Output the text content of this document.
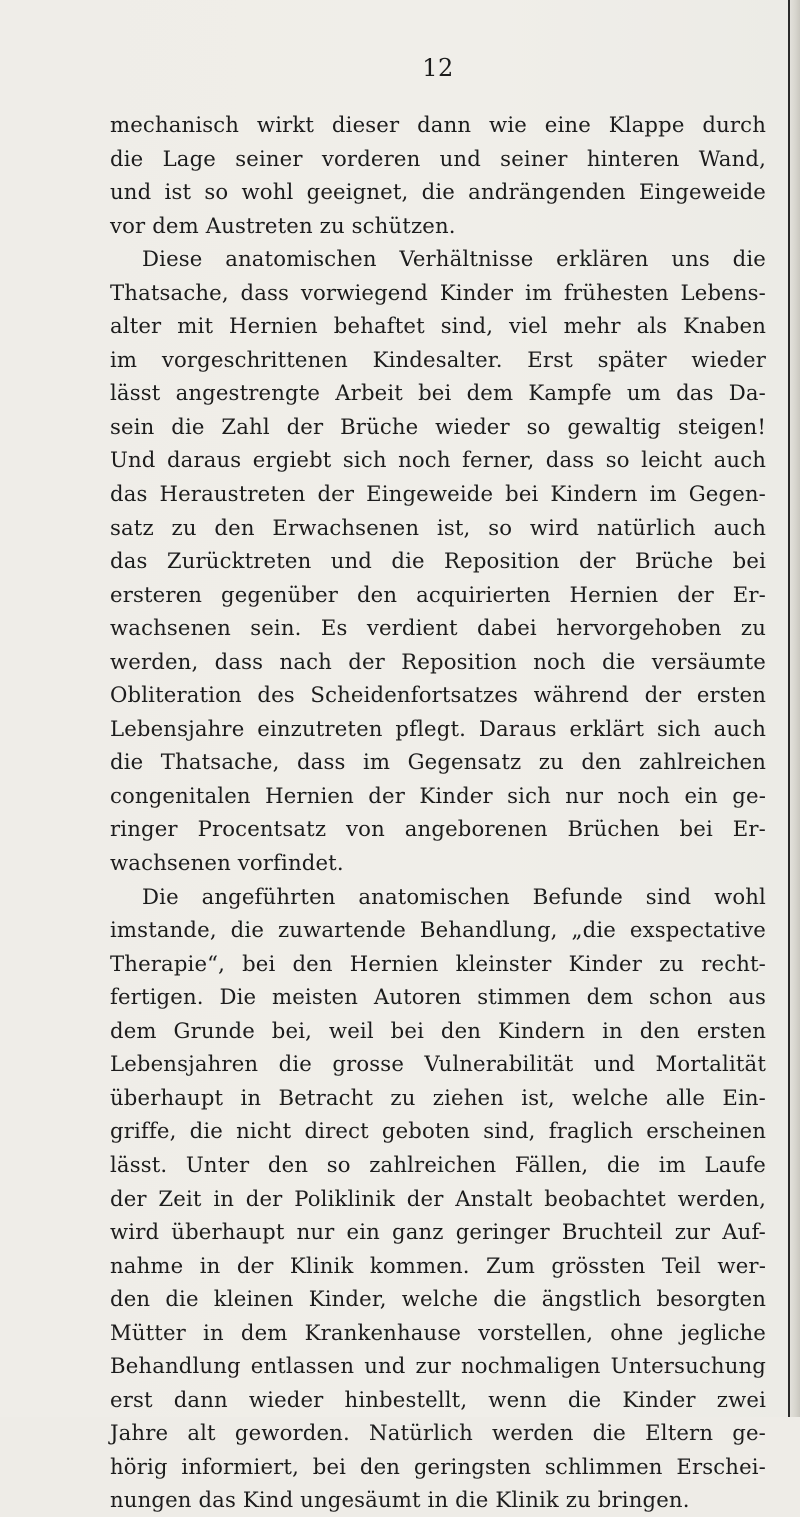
12
mechanisch wirkt dieser dann wie eine Klappe durch
die Lage seiner vorderen und seiner hinteren Wand,
und ist so wohl geeignet, die andrängenden Eingeweide
vor dem Austreten zu schützen.
Diese anatomischen Verhältnisse erklären uns die
Thatsache, dass vorwiegend Kinder im frühesten Lebens-
alter mit Hernien behaftet sind, viel mehr als Knaben
im vorgeschrittenen Kindesalter. Erst später wieder
lässt angestrengte Arbeit bei dem Kampfe um das Da-
sein die Zahl der Brüche wieder so gewaltig steigen!
Und daraus ergiebt sich noch ferner, dass so leicht auch
das Heraustreten der Eingeweide bei Kindern im Gegen-
satz zu den Erwachsenen ist, so wird natürlich auch
das Zurücktreten und die Reposition der Brüche bei
ersteren gegenüber den acquirierten Hernien der Er-
wachsenen sein. Es verdient dabei hervorgehoben zu
werden, dass nach der Reposition noch die versäumte
Obliteration des Scheidenfortsatzes während der ersten
Lebensjahre einzutreten pflegt. Daraus erklärt sich auch
die Thatsache, dass im Gegensatz zu den zahlreichen
congenitalen Hernien der Kinder sich nur noch ein ge-
ringer Procentsatz von angeborenen Brüchen bei Er-
wachsenen vorfindet.
Die angeführten anatomischen Befunde sind wohl
imstande, die zuwartende Behandlung, „die exspectative
Therapie“, bei den Hernien kleinster Kinder zu recht-
fertigen. Die meisten Autoren stimmen dem schon aus
dem Grunde bei, weil bei den Kindern in den ersten
Lebensjahren die grosse Vulnerabilität und Mortalität
überhaupt in Betracht zu ziehen ist, welche alle Ein-
griffe, die nicht direct geboten sind, fraglich erscheinen
lässt. Unter den so zahlreichen Fällen, die im Laufe
der Zeit in der Poliklinik der Anstalt beobachtet werden,
wird überhaupt nur ein ganz geringer Bruchteil zur Auf-
nahme in der Klinik kommen. Zum grössten Teil wer-
den die kleinen Kinder, welche die ängstlich besorgten
Mütter in dem Krankenhause vorstellen, ohne jegliche
Behandlung entlassen und zur nochmaligen Untersuchung
erst dann wieder hinbestellt, wenn die Kinder zwei
Jahre alt geworden. Natürlich werden die Eltern ge-
hörig informiert, bei den geringsten schlimmen Erschei-
nungen das Kind ungesäumt in die Klinik zu bringen.
